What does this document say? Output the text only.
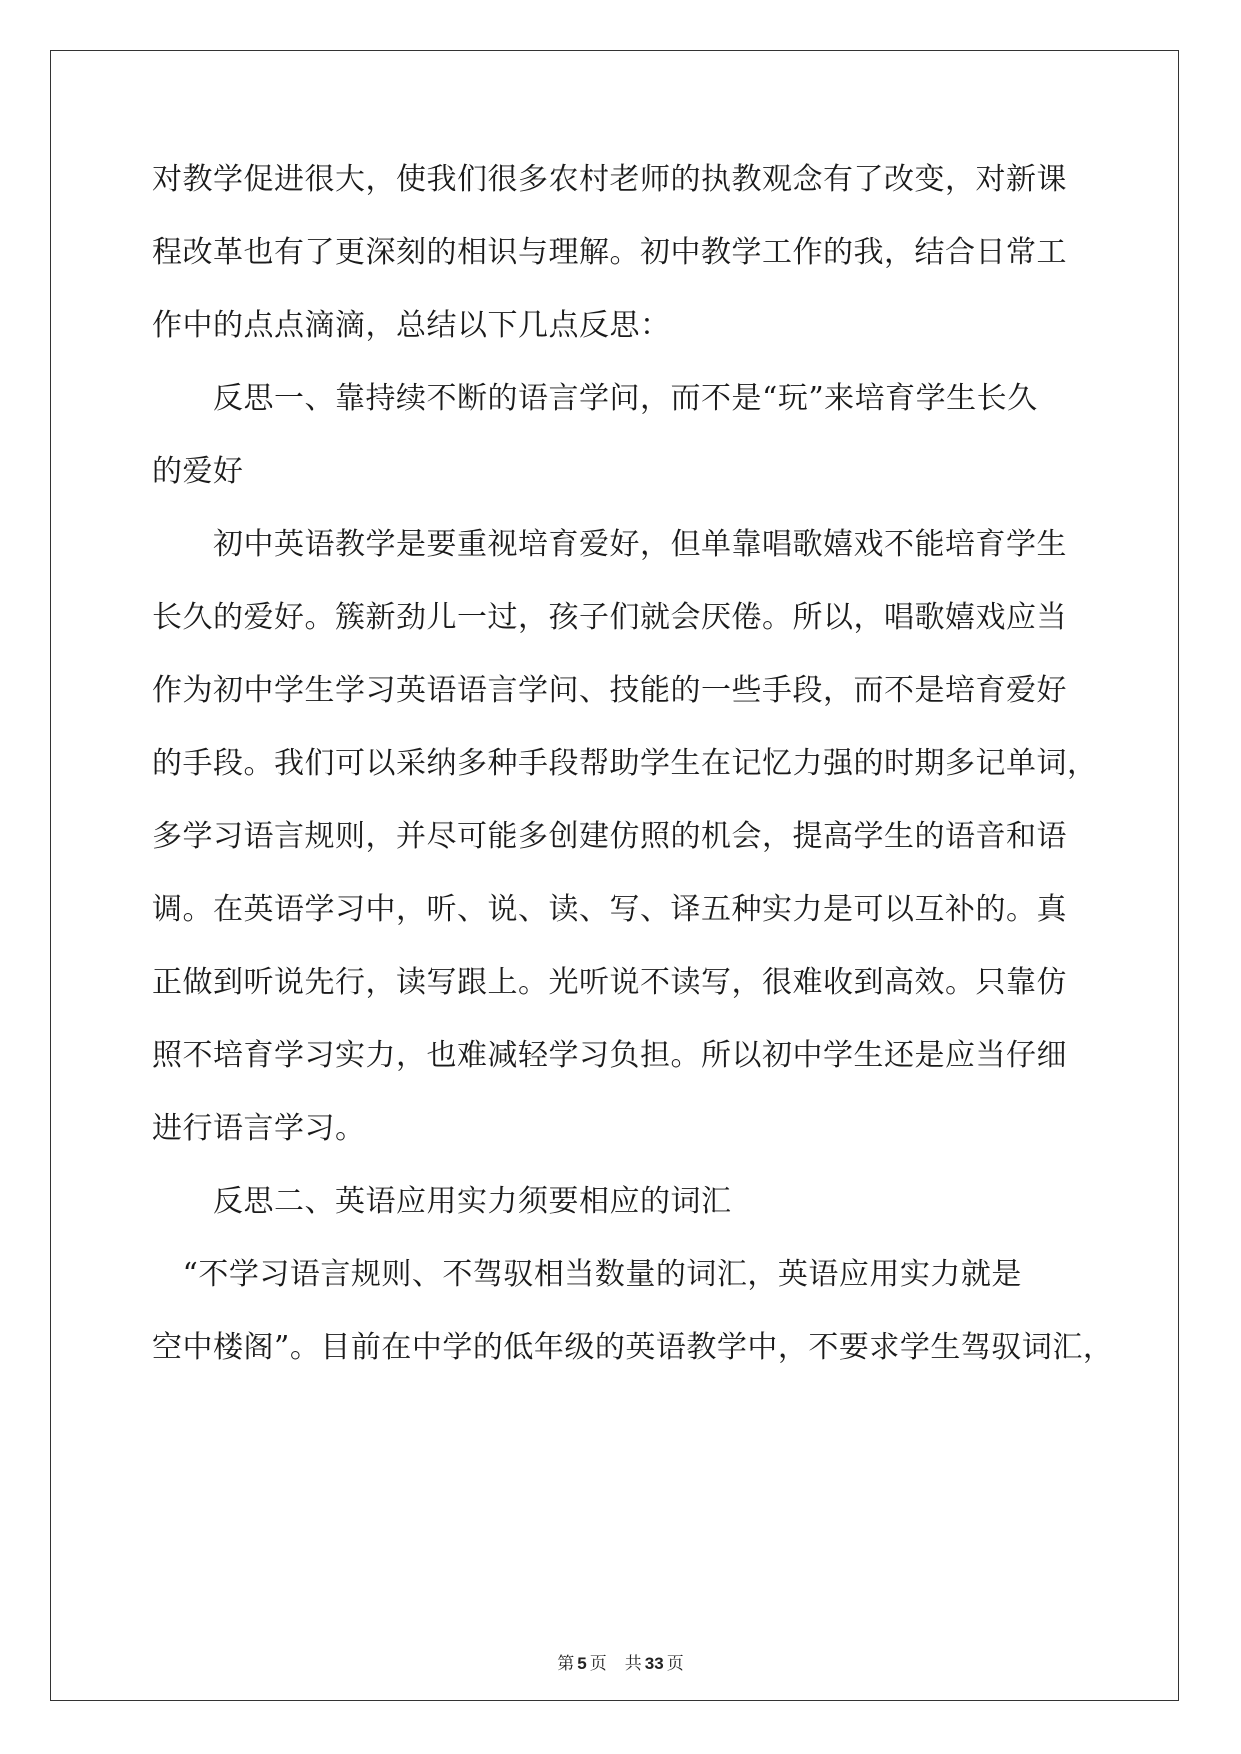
对教学促进很大，使我们很多农村老师的执教观念有了改变，对新课
程改革也有了更深刻的相识与理解。初中教学工作的我，结合日常工
作中的点点滴滴，总结以下几点反思：
　　反思一、靠持续不断的语言学问，而不是“玩”来培育学生长久
的爱好
　　初中英语教学是要重视培育爱好，但单靠唱歌嬉戏不能培育学生
长久的爱好。簇新劲儿一过，孩子们就会厌倦。所以，唱歌嬉戏应当
作为初中学生学习英语语言学问、技能的一些手段，而不是培育爱好
的手段。我们可以采纳多种手段帮助学生在记忆力强的时期多记单词，
多学习语言规则，并尽可能多创建仿照的机会，提高学生的语音和语
调。在英语学习中，听、说、读、写、译五种实力是可以互补的。真
正做到听说先行，读写跟上。光听说不读写，很难收到高效。只靠仿
照不培育学习实力，也难减轻学习负担。所以初中学生还是应当仔细
进行语言学习。
　　反思二、英语应用实力须要相应的词汇
　“不学习语言规则、不驾驭相当数量的词汇，英语应用实力就是
空中楼阁”。目前在中学的低年级的英语教学中，不要求学生驾驭词汇，
第 5 页 共 33 页
